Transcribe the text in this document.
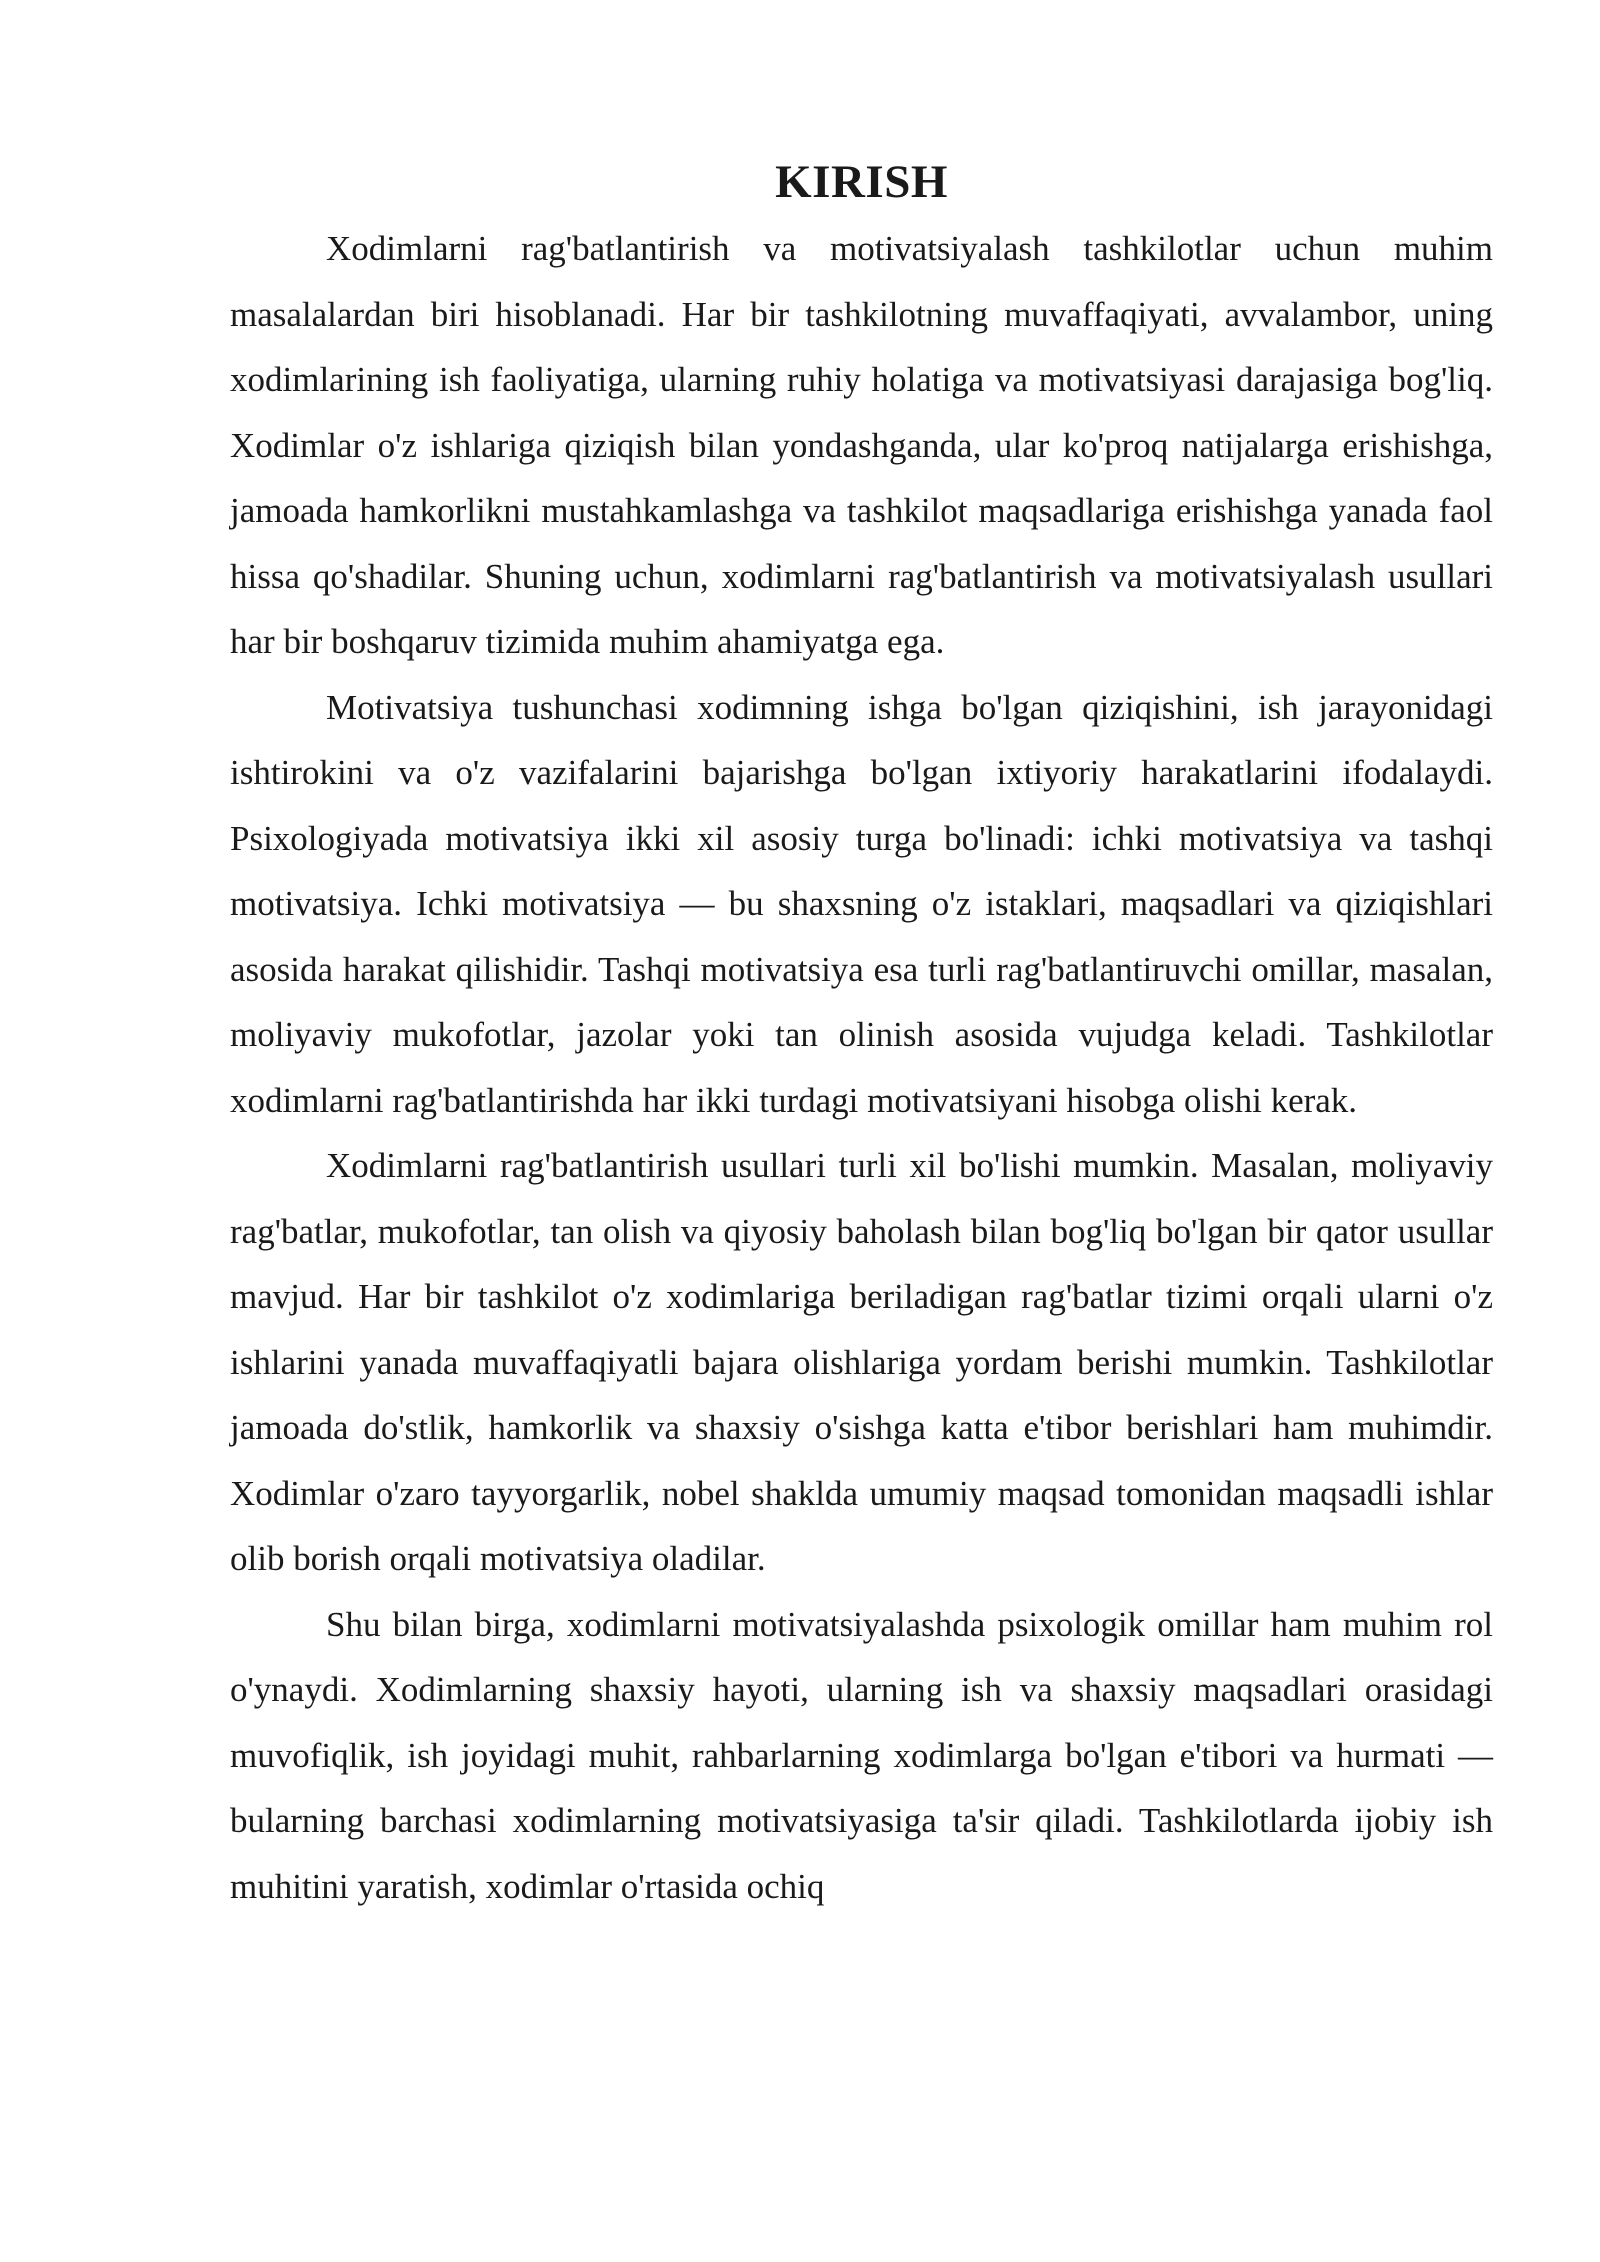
KIRISH

Xodimlarni rag'batlantirish va motivatsiyalash tashkilotlar uchun muhim masalalardan biri hisoblanadi. Har bir tashkilotning muvaffaqiyati, avvalambor, uning xodimlarining ish faoliyatiga, ularning ruhiy holatiga va motivatsiyasi darajasiga bog'liq. Xodimlar o'z ishlariga qiziqish bilan yondashganda, ular ko'proq natijalarga erishishga, jamoada hamkorlikni mustahkamlashga va tashkilot maqsadlariga erishishga yanada faol hissa qo'shadilar. Shuning uchun, xodimlarni rag'batlantirish va motivatsiyalash usullari har bir boshqaruv tizimida muhim ahamiyatga ega.

Motivatsiya tushunchasi xodimning ishga bo'lgan qiziqishini, ish jarayonidagi ishtirokini va o'z vazifalarini bajarishga bo'lgan ixtiyoriy harakatlarini ifodalaydi. Psixologiyada motivatsiya ikki xil asosiy turga bo'linadi: ichki motivatsiya va tashqi motivatsiya. Ichki motivatsiya — bu shaxsning o'z istaklari, maqsadlari va qiziqishlari asosida harakat qilishidir. Tashqi motivatsiya esa turli rag'batlantiruvchi omillar, masalan, moliyaviy mukofotlar, jazolar yoki tan olinish asosida vujudga keladi. Tashkilotlar xodimlarni rag'batlantirishda har ikki turdagi motivatsiyani hisobga olishi kerak.

Xodimlarni rag'batlantirish usullari turli xil bo'lishi mumkin. Masalan, moliyaviy rag'batlar, mukofotlar, tan olish va qiyosiy baholash bilan bog'liq bo'lgan bir qator usullar mavjud. Har bir tashkilot o'z xodimlariga beriladigan rag'batlar tizimi orqali ularni o'z ishlarini yanada muvaffaqiyatli bajara olishlariga yordam berishi mumkin. Tashkilotlar jamoada do'stlik, hamkorlik va shaxsiy o'sishga katta e'tibor berishlari ham muhimdir. Xodimlar o'zaro tayyorgarlik, nobel shaklda umumiy maqsad tomonidan maqsadli ishlar olib borish orqali motivatsiya oladilar.

Shu bilan birga, xodimlarni motivatsiyalashda psixologik omillar ham muhim rol o'ynaydi. Xodimlarning shaxsiy hayoti, ularning ish va shaxsiy maqsadlari orasidagi muvofiqlik, ish joyidagi muhit, rahbarlarning xodimlarga bo'lgan e'tibori va hurmati — bularning barchasi xodimlarning motivatsiyasiga ta'sir qiladi. Tashkilotlarda ijobiy ish muhitini yaratish, xodimlar o'rtasida ochiq
